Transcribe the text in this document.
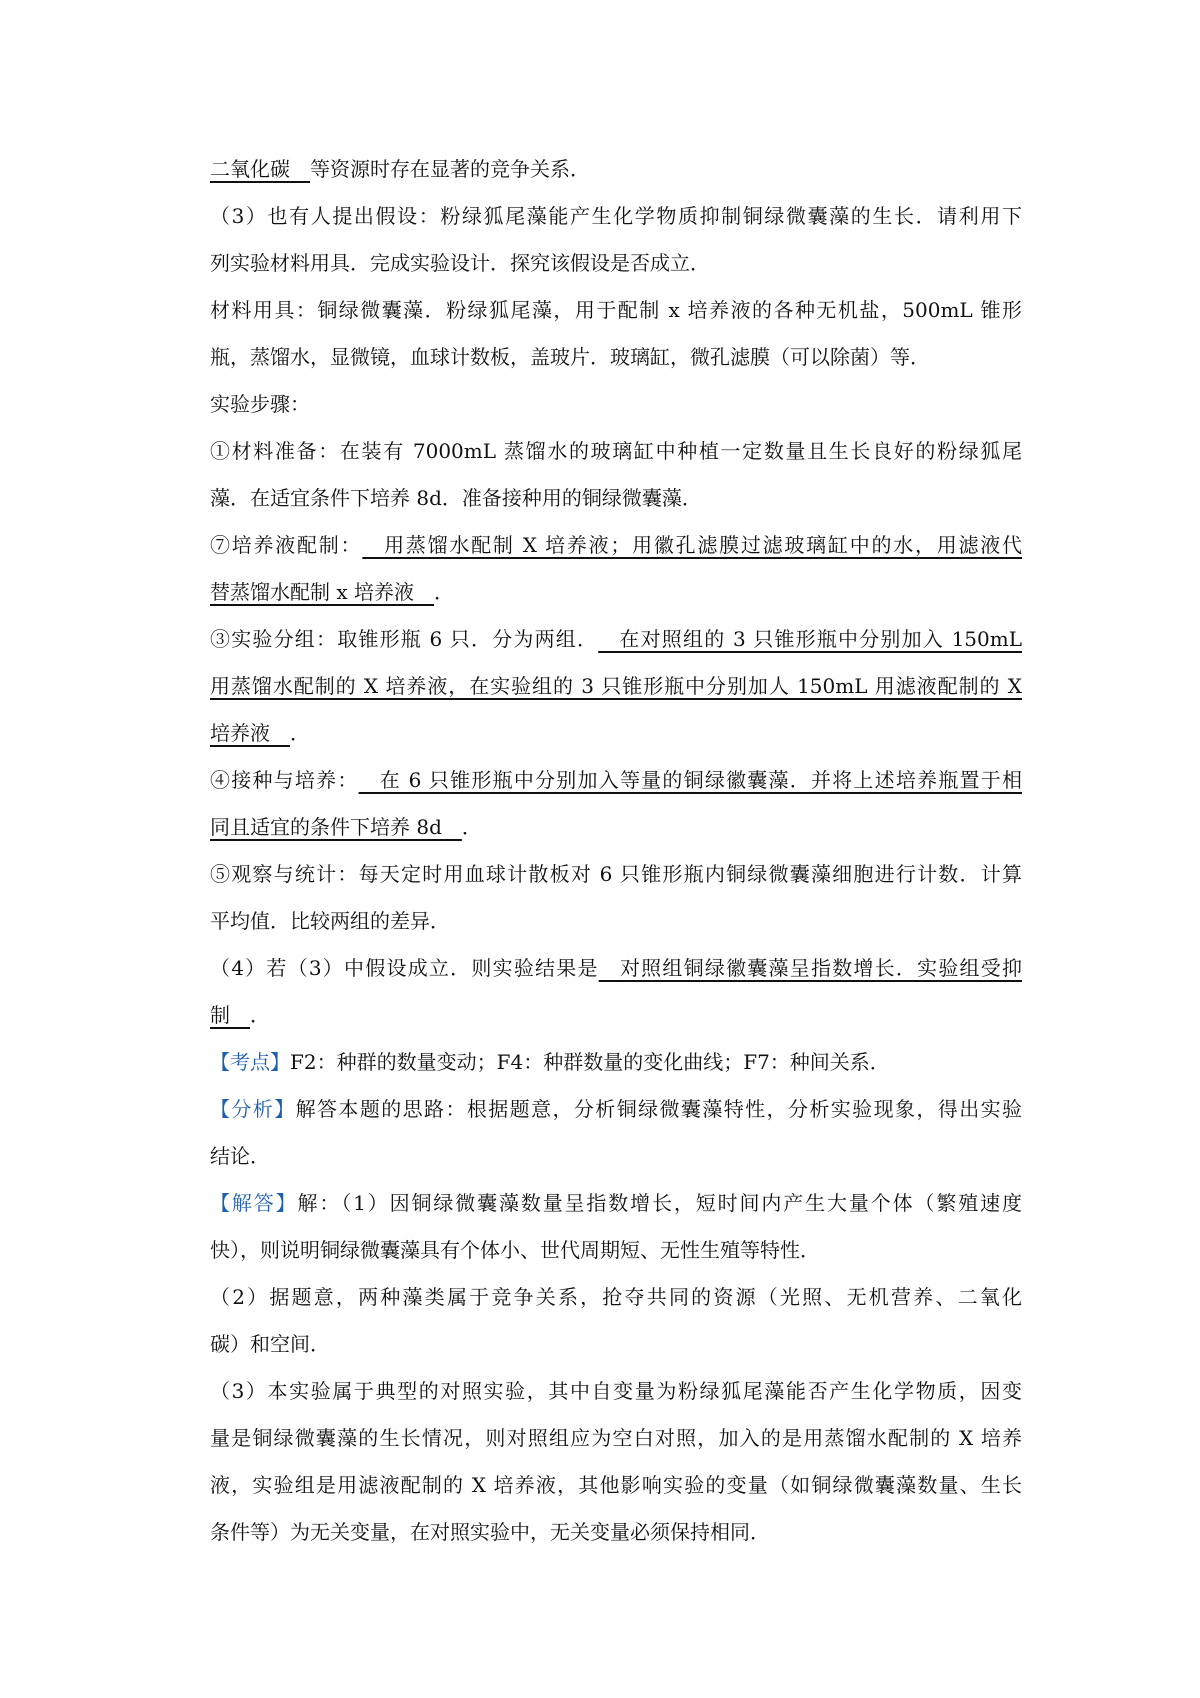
二氧化碳  等资源时存在显著的竞争关系．
（3）也有人提出假设：粉绿狐尾藻能产生化学物质抑制铜绿微囊藻的生长．请利用下
列实验材料用具．完成实验设计．探究该假设是否成立．
材料用具：铜绿微囊藻．粉绿狐尾藻，用于配制 x 培养液的各种无机盐，500mL 锥形
瓶，蒸馏水，显微镜，血球计数板，盖玻片．玻璃缸，微孔滤膜（可以除菌）等．
实验步骤：
①材料准备：在装有 7000mL 蒸馏水的玻璃缸中种植一定数量且生长良好的粉绿狐尾
藻．在适宜条件下培养 8d．准备接种用的铜绿微囊藻．
⑦培养液配制：  用蒸馏水配制 X 培养液；用徽孔滤膜过滤玻璃缸中的水，用滤液代
替蒸馏水配制 x 培养液  ．
③实验分组：取锥形瓶 6 只．分为两组．  在对照组的 3 只锥形瓶中分别加入 150mL
用蒸馏水配制的 X 培养液，在实验组的 3 只锥形瓶中分别加人 150mL 用滤液配制的 X
培养液  ．
④接种与培养：  在 6 只锥形瓶中分别加入等量的铜绿徽囊藻．并将上述培养瓶置于相
同且适宜的条件下培养 8d  ．
⑤观察与统计：每天定时用血球计散板对 6 只锥形瓶内铜绿微囊藻细胞进行计数．计算
平均值．比较两组的差异．
（4）若（3）中假设成立．则实验结果是  对照组铜绿徽囊藻呈指数增长．实验组受抑
制  ．
【考点】F2：种群的数量变动；F4：种群数量的变化曲线；F7：种间关系．
【分析】解答本题的思路：根据题意，分析铜绿微囊藻特性，分析实验现象，得出实验
结论．
【解答】解：（1）因铜绿微囊藻数量呈指数增长，短时间内产生大量个体（繁殖速度
快），则说明铜绿微囊藻具有个体小、世代周期短、无性生殖等特性．
（2）据题意，两种藻类属于竞争关系，抢夺共同的资源（光照、无机营养、二氧化
碳）和空间．
（3）本实验属于典型的对照实验，其中自变量为粉绿狐尾藻能否产生化学物质，因变
量是铜绿微囊藻的生长情况，则对照组应为空白对照，加入的是用蒸馏水配制的 X 培养
液，实验组是用滤液配制的 X 培养液，其他影响实验的变量（如铜绿微囊藻数量、生长
条件等）为无关变量，在对照实验中，无关变量必须保持相同．
